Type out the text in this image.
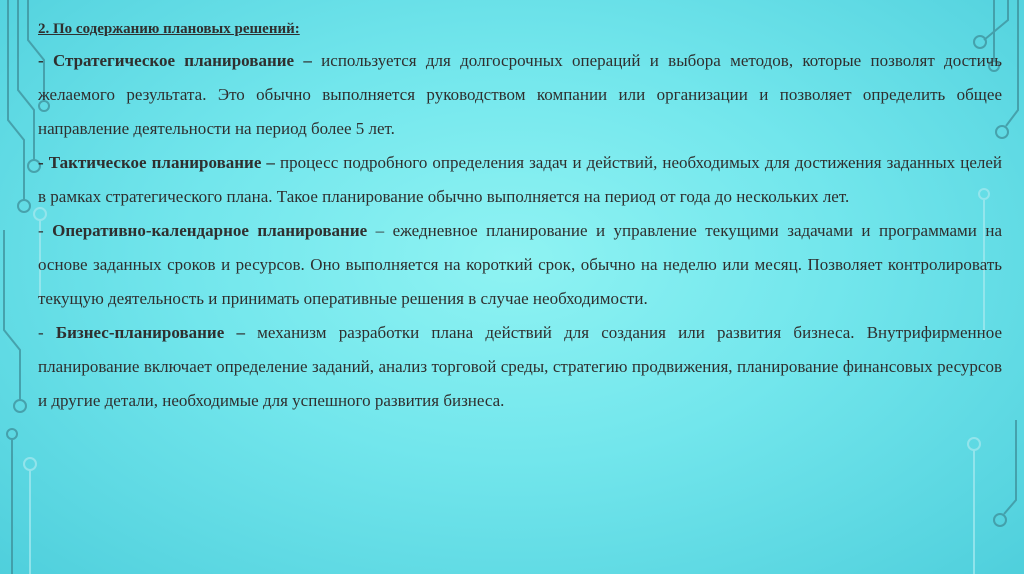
2. По содержанию плановых решений:

- Стратегическое планирование – используется для долгосрочных операций и выбора методов, которые позволят достичь желаемого результата. Это обычно выполняется руководством компании или организации и позволяет определить общее направление деятельности на период более 5 лет.

- Тактическое планирование – процесс подробного определения задач и действий, необходимых для достижения заданных целей в рамках стратегического плана. Такое планирование обычно выполняется на период от года до нескольких лет.

- Оперативно-календарное планирование – ежедневное планирование и управление текущими задачами и программами на основе заданных сроков и ресурсов. Оно выполняется на короткий срок, обычно на неделю или месяц. Позволяет контролировать текущую деятельность и принимать оперативные решения в случае необходимости.

- Бизнес-планирование – механизм разработки плана действий для создания или развития бизнеса. Внутрифирменное планирование включает определение заданий, анализ торговой среды, стратегию продвижения, планирование финансовых ресурсов и другие детали, необходимые для успешного развития бизнеса.
